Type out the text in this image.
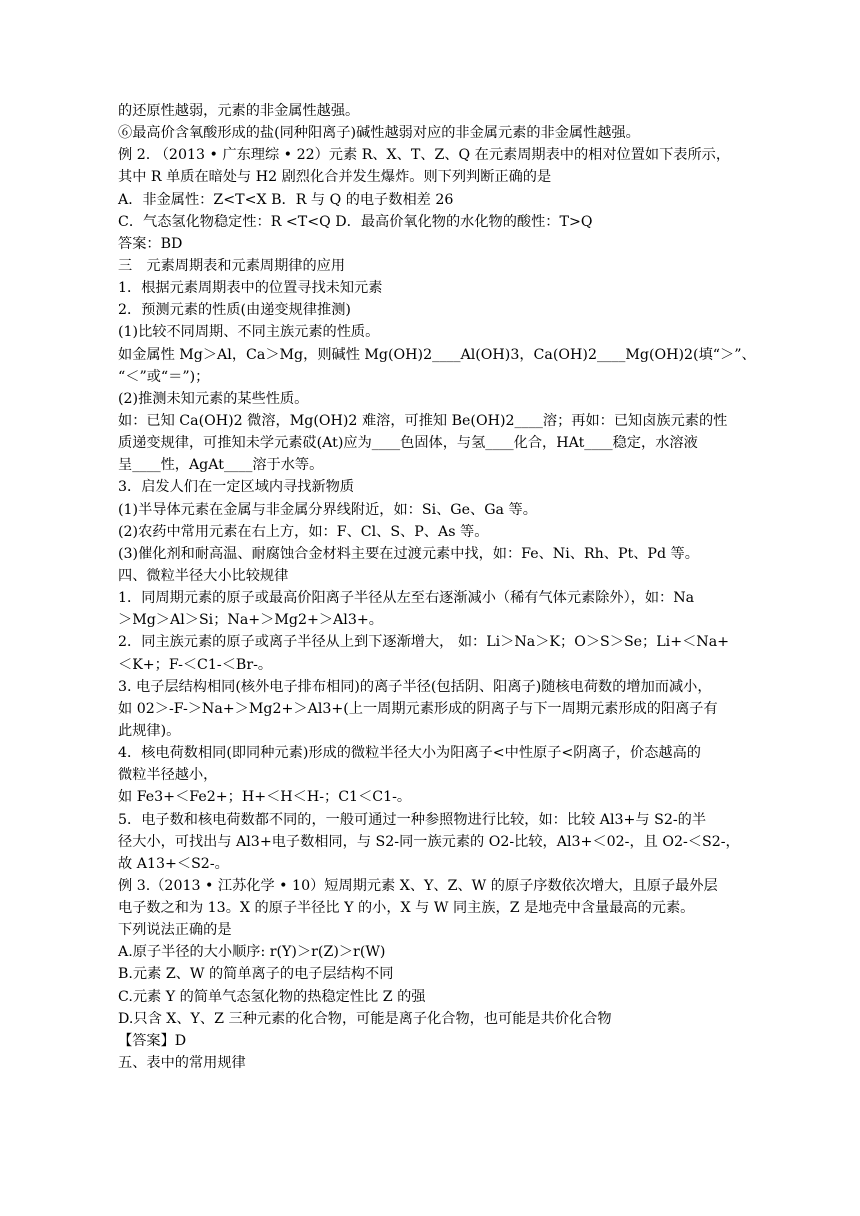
的还原性越弱，元素的非金属性越强。
⑥最高价含氧酸形成的盐(同种阳离子)碱性越弱对应的非金属元素的非金属性越强。
例 2. （2013 • 广东理综 • 22）元素 R、X、T、Z、Q 在元素周期表中的相对位置如下表所示，
其中 R 单质在暗处与 H2 剧烈化合并发生爆炸。则下列判断正确的是
A．非金属性：Z<T<X B．R 与 Q 的电子数相差 26
C．气态氢化物稳定性：R <T<Q D．最高价氧化物的水化物的酸性：T>Q
答案：BD
三　元素周期表和元素周期律的应用
1．根据元素周期表中的位置寻找未知元素
2．预测元素的性质(由递变规律推测)
(1)比较不同周期、不同主族元素的性质。
如金属性 Mg＞Al，Ca＞Mg，则碱性 Mg(OH)2____Al(OH)3，Ca(OH)2____Mg(OH)2(填“＞”、
“＜”或“＝”)；
(2)推测未知元素的某些性质。
如：已知 Ca(OH)2 微溶，Mg(OH)2 难溶，可推知 Be(OH)2____溶；再如：已知卤族元素的性
质递变规律，可推知未学元素砹(At)应为____色固体，与氢____化合，HAt____稳定，水溶液
呈____性，AgAt____溶于水等。
3．启发人们在一定区域内寻找新物质
(1)半导体元素在金属与非金属分界线附近，如：Si、Ge、Ga 等。
(2)农药中常用元素在右上方，如：F、Cl、S、P、As 等。
(3)催化剂和耐高温、耐腐蚀合金材料主要在过渡元素中找，如：Fe、Ni、Rh、Pt、Pd 等。
四、微粒半径大小比较规律
1．同周期元素的原子或最高价阳离子半径从左至右逐渐减小（稀有气体元素除外），如：Na
＞Mg＞Al＞Si；Na+＞Mg2+＞Al3+。
2．同主族元素的原子或离子半径从上到下逐渐增大， 如：Li＞Na＞K；O＞S＞Se；Li+＜Na+
＜K+；F-＜C1-＜Br-。
3. 电子层结构相同(核外电子排布相同)的离子半径(包括阴、阳离子)随核电荷数的增加而减小，
如 02＞-F-＞Na+＞Mg2+＞Al3+(上一周期元素形成的阴离子与下一周期元素形成的阳离子有
此规律)。
4．核电荷数相同(即同种元素)形成的微粒半径大小为阳离子<中性原子<阴离子，价态越高的
微粒半径越小，
如 Fe3+＜Fe2+；H+＜H＜H-；C1＜C1-。
5．电子数和核电荷数都不同的，一般可通过一种参照物进行比较，如：比较 Al3+与 S2-的半
径大小，可找出与 Al3+电子数相同，与 S2-同一族元素的 O2-比较，Al3+＜02-，且 O2-＜S2-，
故 A13+＜S2-。
例 3.（2013 • 江苏化学 • 10）短周期元素 X、Y、Z、W 的原子序数依次增大，且原子最外层
电子数之和为 13。X 的原子半径比 Y 的小，X 与 W 同主族，Z 是地壳中含量最高的元素。
下列说法正确的是
A.原子半径的大小顺序: r(Y)＞r(Z)＞r(W)
B.元素 Z、W 的简单离子的电子层结构不同
C.元素 Y 的简单气态氢化物的热稳定性比 Z 的强
D.只含 X、Y、Z 三种元素的化合物，可能是离子化合物，也可能是共价化合物
【答案】D
五、表中的常用规律
